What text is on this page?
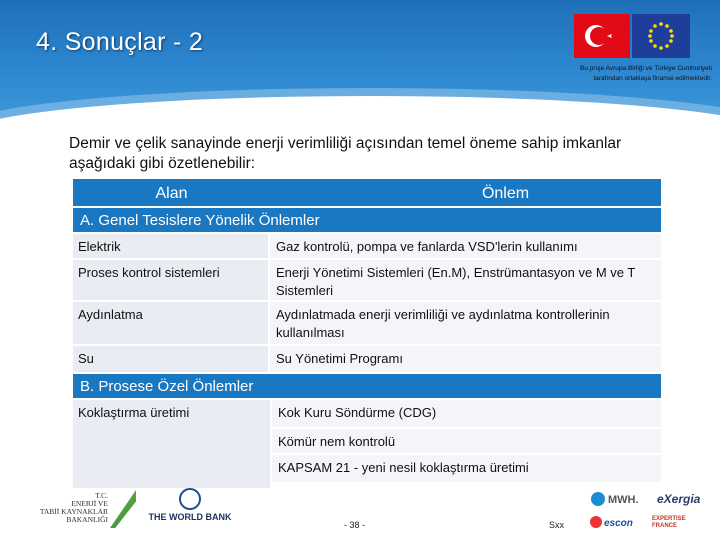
4. Sonuçlar - 2
Bu proje Avrupa Birliği ve Türkiye Cumhuriyeti
tarafından ortaklaşa finanse edilmektedir.
Demir ve çelik sanayinde enerji verimliliği açısından temel öneme sahip imkanlar aşağıdaki gibi özetlenebilir:
Alan	Önlem
A. Genel Tesislere Yönelik Önlemler
Elektrik	Gaz kontrolü, pompa ve fanlarda VSD'lerin kullanımı
Proses kontrol sistemleri	Enerji Yönetimi Sistemleri (En.M), Enstrümantasyon ve M ve T Sistemleri
Aydınlatma	Aydınlatmada enerji verimliliği ve aydınlatma kontrollerinin kullanılması
Su	Su Yönetimi Programı
B. Prosese Özel Önlemler
Koklaştırma üretimi	Kok Kuru Söndürme (CDG)
Kömür nem kontrolü
KAPSAM 21 - yeni nesil koklaştırma üretimi
T.C.
ENERJİ VE
TABİİ KAYNAKLAR
BAKANLIĞI	THE WORLD BANK
- 38 -	Sxx
MWH. eXergia
escon	EXPERTISE
FRANCE
